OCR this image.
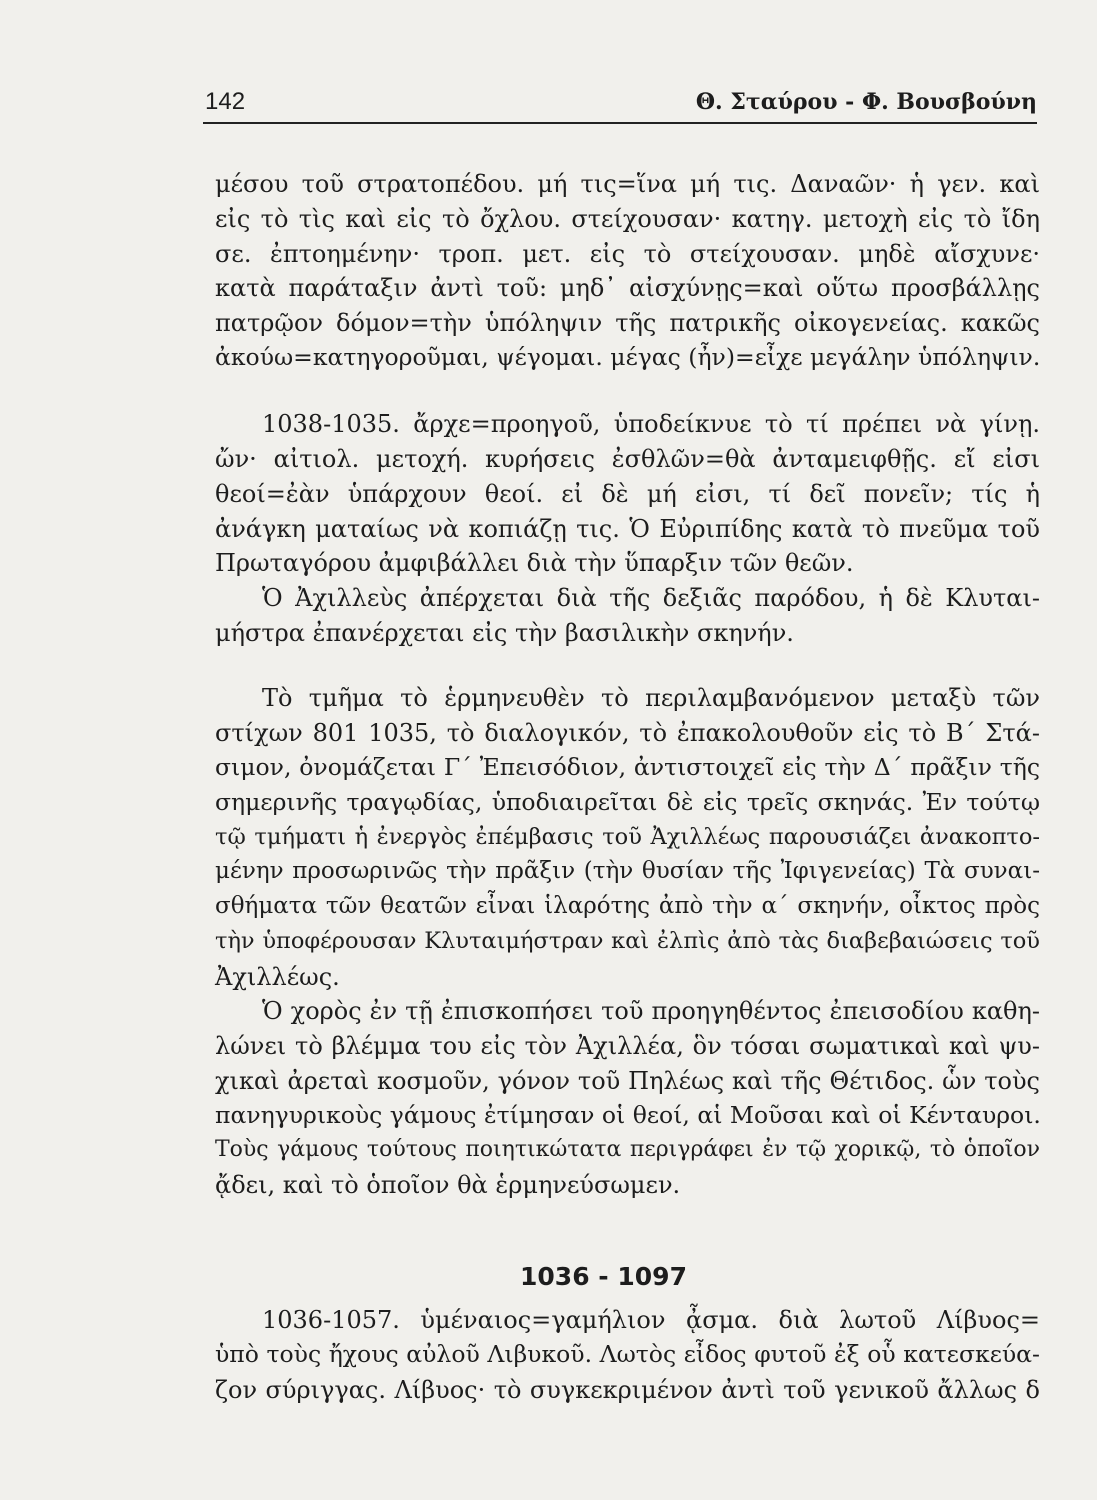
142	Θ. Σταύρου - Φ. Βουσβούνη
μέσου τοῦ στρατοπέδου. μή τις=ἵνα μή τις. Δαναῶν· ἡ γεν. καὶ
εἰς τὸ τὶς καὶ εἰς τὸ ὄχλου. στείχουσαν· κατηγ. μετοχὴ εἰς τὸ ἴδη
σε. ἐπτοημένην· τροπ. μετ. εἰς τὸ στείχουσαν. μηδὲ αἴσχυνε·
κατὰ παράταξιν ἀντὶ τοῦ: μηδ᾿ αἰσχύνῃς=καὶ οὕτω προσβάλλῃς
πατρῷον δόμον=τὴν ὑπόληψιν τῆς πατρικῆς οἰκογενείας. κακῶς
ἀκούω=κατηγοροῦμαι, ψέγομαι. μέγας (ἦν)=εἶχε μεγάλην ὑπόληψιν.
1038-1035. ἄρχε=προηγοῦ, ὑποδείκνυε τὸ τί πρέπει νὰ γίνῃ.
ὤν· αἰτιολ. μετοχή. κυρήσεις ἐσθλῶν=θὰ ἀνταμειφθῇς. εἴ εἰσι
θεοί=ἐὰν ὑπάρχουν θεοί. εἰ δὲ μή εἰσι, τί δεῖ πονεῖν; τίς ἡ
ἀνάγκη ματαίως νὰ κοπιάζῃ τις. Ὁ Εὐριπίδης κατὰ τὸ πνεῦμα τοῦ
Πρωταγόρου ἀμφιβάλλει διὰ τὴν ὕπαρξιν τῶν θεῶν.
Ὁ Ἀχιλλεὺς ἀπέρχεται διὰ τῆς δεξιᾶς παρόδου, ἡ δὲ Κλυται-
μήστρα ἐπανέρχεται εἰς τὴν βασιλικὴν σκηνήν.
Τὸ τμῆμα τὸ ἑρμηνευθὲν τὸ περιλαμβανόμενον μεταξὺ τῶν
στίχων 801 1035, τὸ διαλογικόν, τὸ ἐπακολουθοῦν εἰς τὸ Β΄ Στά-
σιμον, ὀνομάζεται Γ΄ Ἐπεισόδιον, ἀντιστοιχεῖ εἰς τὴν Δ΄ πρᾶξιν τῆς
σημερινῆς τραγῳδίας, ὑποδιαιρεῖται δὲ εἰς τρεῖς σκηνάς. Ἐν τούτῳ
τῷ τμήματι ἡ ἐνεργὸς ἐπέμβασις τοῦ Ἀχιλλέως παρουσιάζει ἀνακοπτο-
μένην προσωρινῶς τὴν πρᾶξιν (τὴν θυσίαν τῆς Ἰφιγενείας) Τὰ συναι-
σθήματα τῶν θεατῶν εἶναι ἱλαρότης ἀπὸ τὴν α΄ σκηνήν, οἶκτος πρὸς
τὴν ὑποφέρουσαν Κλυταιμήστραν καὶ ἐλπὶς ἀπὸ τὰς διαβεβαιώσεις τοῦ
Ἀχιλλέως.
Ὁ χορὸς ἐν τῇ ἐπισκοπήσει τοῦ προηγηθέντος ἐπεισοδίου καθη-
λώνει τὸ βλέμμα του εἰς τὸν Ἀχιλλέα, ὃν τόσαι σωματικαὶ καὶ ψυ-
χικαὶ ἀρεταὶ κοσμοῦν, γόνον τοῦ Πηλέως καὶ τῆς Θέτιδος. ὧν τοὺς
πανηγυρικοὺς γάμους ἐτίμησαν οἱ θεοί, αἱ Μοῦσαι καὶ οἱ Κένταυροι.
Τοὺς γάμους τούτους ποιητικώτατα περιγράφει ἐν τῷ χορικῷ, τὸ ὁποῖον
ᾄδει, καὶ τὸ ὁποῖον θὰ ἑρμηνεύσωμεν.
1036 - 1097
1036-1057. ὑμέναιος=γαμήλιον ᾆσμα. διὰ λωτοῦ Λίβυος=
ὑπὸ τοὺς ἤχους αὐλοῦ Λιβυκοῦ. Λωτὸς εἶδος φυτοῦ ἐξ οὗ κατεσκεύα-
ζον σύριγγας. Λίβυος· τὸ συγκεκριμένον ἀντὶ τοῦ γενικοῦ ἄλλως δ
